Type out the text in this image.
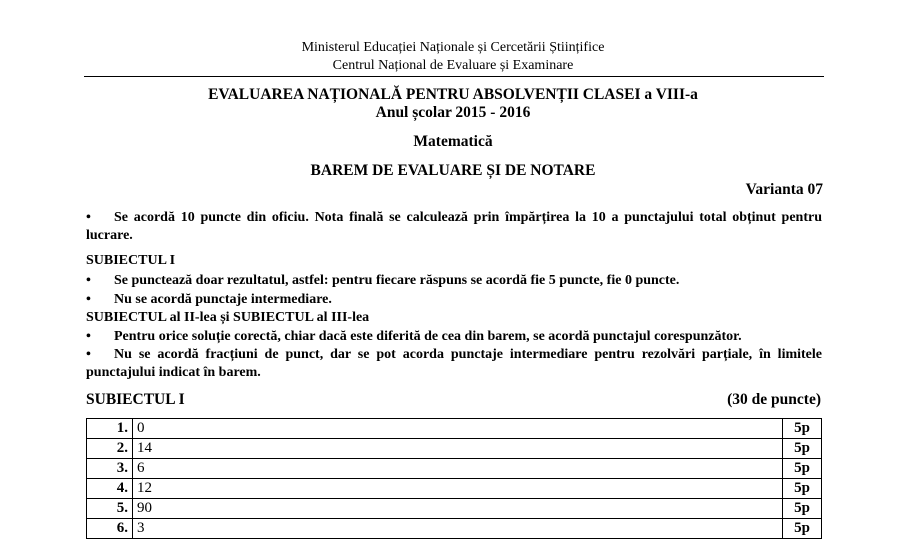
Ministerul Educației Naționale și Cercetării Științifice
Centrul Național de Evaluare și Examinare
EVALUAREA NAȚIONALĂ PENTRU ABSOLVENȚII CLASEI a VIII-a
Anul școlar 2015 - 2016
Matematică
BAREM DE EVALUARE ȘI DE NOTARE
Varianta 07
• Se acordă 10 puncte din oficiu. Nota finală se calculează prin împărțirea la 10 a punctajului total obținut pentru lucrare.
SUBIECTUL I
• Se punctează doar rezultatul, astfel: pentru fiecare răspuns se acordă fie 5 puncte, fie 0 puncte.
• Nu se acordă punctaje intermediare.
SUBIECTUL al II-lea și SUBIECTUL al III-lea
• Pentru orice soluție corectă, chiar dacă este diferită de cea din barem, se acordă punctajul corespunzător.
• Nu se acordă fracțiuni de punct, dar se pot acorda punctaje intermediare pentru rezolvări parțiale, în limitele punctajului indicat în barem.
SUBIECTUL I	(30 de puncte)
1.	0	5p
2.	14	5p
3.	6	5p
4.	12	5p
5.	90	5p
6.	3	5p
